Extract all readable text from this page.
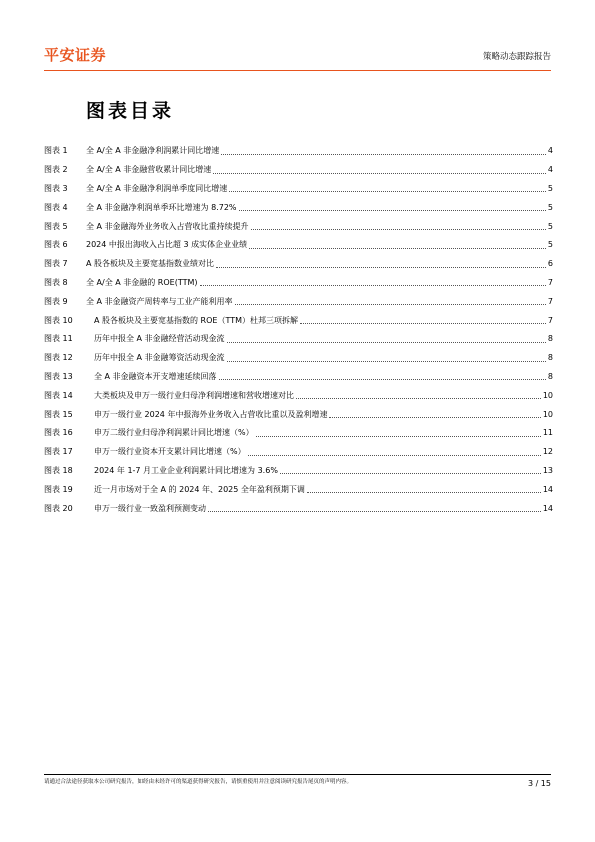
平安证券	策略动态跟踪报告
图表目录
图表 1	全 A/全 A 非金融净利润累计同比增速	4
图表 2	全 A/全 A 非金融营收累计同比增速	4
图表 3	全 A/全 A 非金融净利润单季度同比增速	5
图表 4	全 A 非金融净利润单季环比增速为 8.72%	5
图表 5	全 A 非金融海外业务收入占营收比重持续提升	5
图表 6	2024 中报出海收入占比超 3 成实体企业业绩	5
图表 7	A 股各板块及主要宽基指数业绩对比	6
图表 8	全 A/全 A 非金融的 ROE(TTM)	7
图表 9	全 A 非金融资产周转率与工业产能利用率	7
图表 10	A 股各板块及主要宽基指数的 ROE（TTM）杜邦三项拆解	7
图表 11	历年中报全 A 非金融经营活动现金流	8
图表 12	历年中报全 A 非金融筹资活动现金流	8
图表 13	全 A 非金融资本开支增速延续回落	8
图表 14	大类板块及申万一级行业归母净利润增速和营收增速对比	10
图表 15	申万一级行业 2024 年中报海外业务收入占营收比重以及盈利增速	10
图表 16	申万二级行业归母净利润累计同比增速（%）	11
图表 17	申万一级行业资本开支累计同比增速（%）	12
图表 18	2024 年 1-7 月工业企业利润累计同比增速为 3.6%	13
图表 19	近一月市场对于全 A 的 2024 年、2025 全年盈利预期下调	14
图表 20	申万一级行业一致盈利预测变动	14
请通过合法途径获取本公司研究报告，如经由未经许可的渠道获得研究报告，请慎重使用并注意阅读研究报告尾页的声明内容。	3 / 15
